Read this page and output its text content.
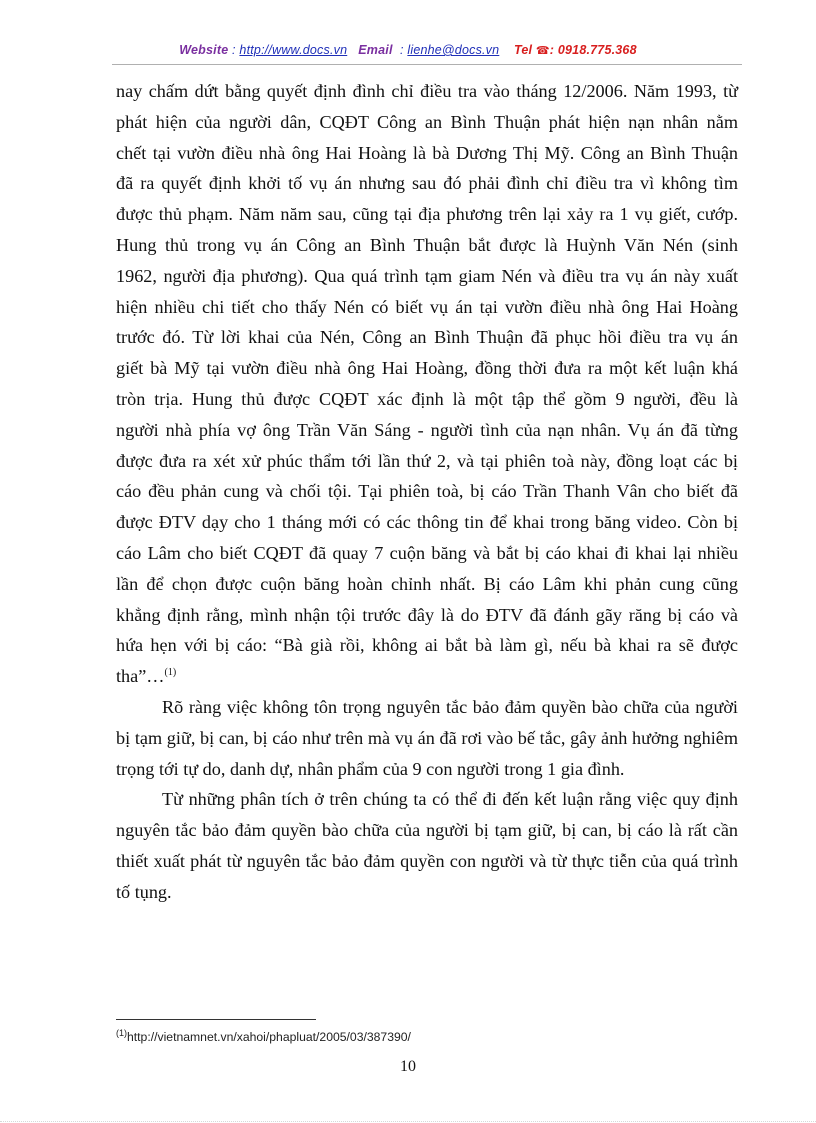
Website : http://www.docs.vn Email : lienhe@docs.vn Tel ☎: 0918.775.368

nay chấm dứt bằng quyết định đình chỉ điều tra vào tháng 12/2006. Năm 1993, từ

phát hiện của người dân, CQĐT Công an Bình Thuận phát hiện nạn nhân nằm

chết tại vườn điều nhà ông Hai Hoàng là bà Dương Thị Mỹ. Công an Bình Thuận

đã ra quyết định khởi tố vụ án nhưng sau đó phải đình chỉ điều tra vì không tìm

được thủ phạm. Năm năm sau, cũng tại địa phương trên lại xảy ra 1 vụ giết, cướp.

Hung thủ trong vụ án Công an Bình Thuận bắt được là Huỳnh Văn Nén (sinh

1962, người địa phương). Qua quá trình tạm giam Nén và điều tra vụ án này xuất

hiện nhiều chi tiết cho thấy Nén có biết vụ án tại vườn điều nhà ông Hai Hoàng

trước đó. Từ lời khai của Nén, Công an Bình Thuận đã phục hồi điều tra vụ án

giết bà Mỹ tại vườn điều nhà ông Hai Hoàng, đồng thời đưa ra một kết luận khá

tròn trịa. Hung thủ được CQĐT xác định là một tập thể gồm 9 người, đều là

người nhà phía vợ ông Trần Văn Sáng - người tình của nạn nhân. Vụ án đã từng

được đưa ra xét xử phúc thẩm tới lần thứ 2, và tại phiên toà này, đồng loạt các bị

cáo đều phản cung và chối tội. Tại phiên toà, bị cáo Trần Thanh Vân cho biết đã

được ĐTV dạy cho 1 tháng mới có các thông tin để khai trong băng video. Còn bị

cáo Lâm cho biết CQĐT đã quay 7 cuộn băng và bắt bị cáo khai đi khai lại nhiều

lần để chọn được cuộn băng hoàn chỉnh nhất. Bị cáo Lâm khi phản cung cũng

khẳng định rằng, mình nhận tội trước đây là do ĐTV đã đánh gãy răng bị cáo và

hứa hẹn với bị cáo: “Bà già rồi, không ai bắt bà làm gì, nếu bà khai ra sẽ được

tha”…$^{(1)}$

Rõ ràng việc không tôn trọng nguyên tắc bảo đảm quyền bào chữa của người bị tạm giữ, bị can, bị cáo như trên mà vụ án đã rơi vào bế tắc, gây ảnh hưởng nghiêm trọng tới tự do, danh dự, nhân phẩm của 9 con người trong 1 gia đình.

Từ những phân tích ở trên chúng ta có thể đi đến kết luận rằng việc quy định nguyên tắc bảo đảm quyền bào chữa của người bị tạm giữ, bị can, bị cáo là rất cần thiết xuất phát từ nguyên tắc bảo đảm quyền con người và từ thực tiễn của quá trình tố tụng.

$^{(1)}$http://vietnamnet.vn/xahoi/phapluat/2005/03/387390/
10
